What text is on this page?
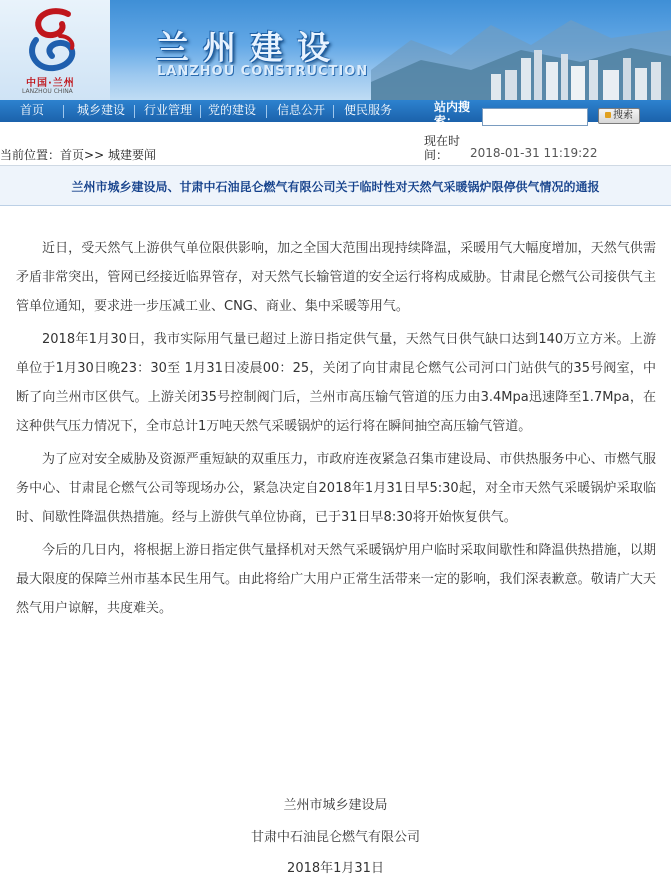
中国·兰州
LANZHOU CHINA
兰州建设
LANZHOU CONSTRUCTION
首页	城乡建设 行业管理 党的建设 信息公开 便民服务	站内搜索：	搜索
当前位置：首页>> 城建要闻
现在时间：	2018-01-31 11:19:22
兰州市城乡建设局、甘肃中石油昆仑燃气有限公司关于临时性对天然气采暖锅炉限停供气情况的通报

近日，受天然气上游供气单位限供影响，加之全国大范围出现持续降温，采暖用气大幅度增加，天然气供需矛盾非常突出，管网已经接近临界管存，对天然气长输管道的安全运行将构成威胁。甘肃昆仑燃气公司接供气主管单位通知，要求进一步压减工业、CNG、商业、集中采暖等用气。

2018年1月30日，我市实际用气量已超过上游日指定供气量，天然气日供气缺口达到140万立方米。上游单位于1月30日晚23：30至 1月31日凌晨00：25，关闭了向甘肃昆仑燃气公司河口门站供气的35号阀室，中断了向兰州市区供气。上游关闭35号控制阀门后，兰州市高压输气管道的压力由3.4Mpa迅速降至1.7Mpa，在这种供气压力情况下，全市总计1万吨天然气采暖锅炉的运行将在瞬间抽空高压输气管道。

为了应对安全威胁及资源严重短缺的双重压力，市政府连夜紧急召集市建设局、市供热服务中心、市燃气服务中心、甘肃昆仑燃气公司等现场办公，紧急决定自2018年1月31日早5:30起，对全市天然气采暖锅炉采取临时、间歇性降温供热措施。经与上游供气单位协商，已于31日早8:30将开始恢复供气。

今后的几日内，将根据上游日指定供气量择机对天然气采暖锅炉用户临时采取间歇性和降温供热措施，以期最大限度的保障兰州市基本民生用气。由此将给广大用户正常生活带来一定的影响，我们深表歉意。敬请广大天然气用户谅解，共度难关。

兰州市城乡建设局
甘肃中石油昆仑燃气有限公司
2018年1月31日
